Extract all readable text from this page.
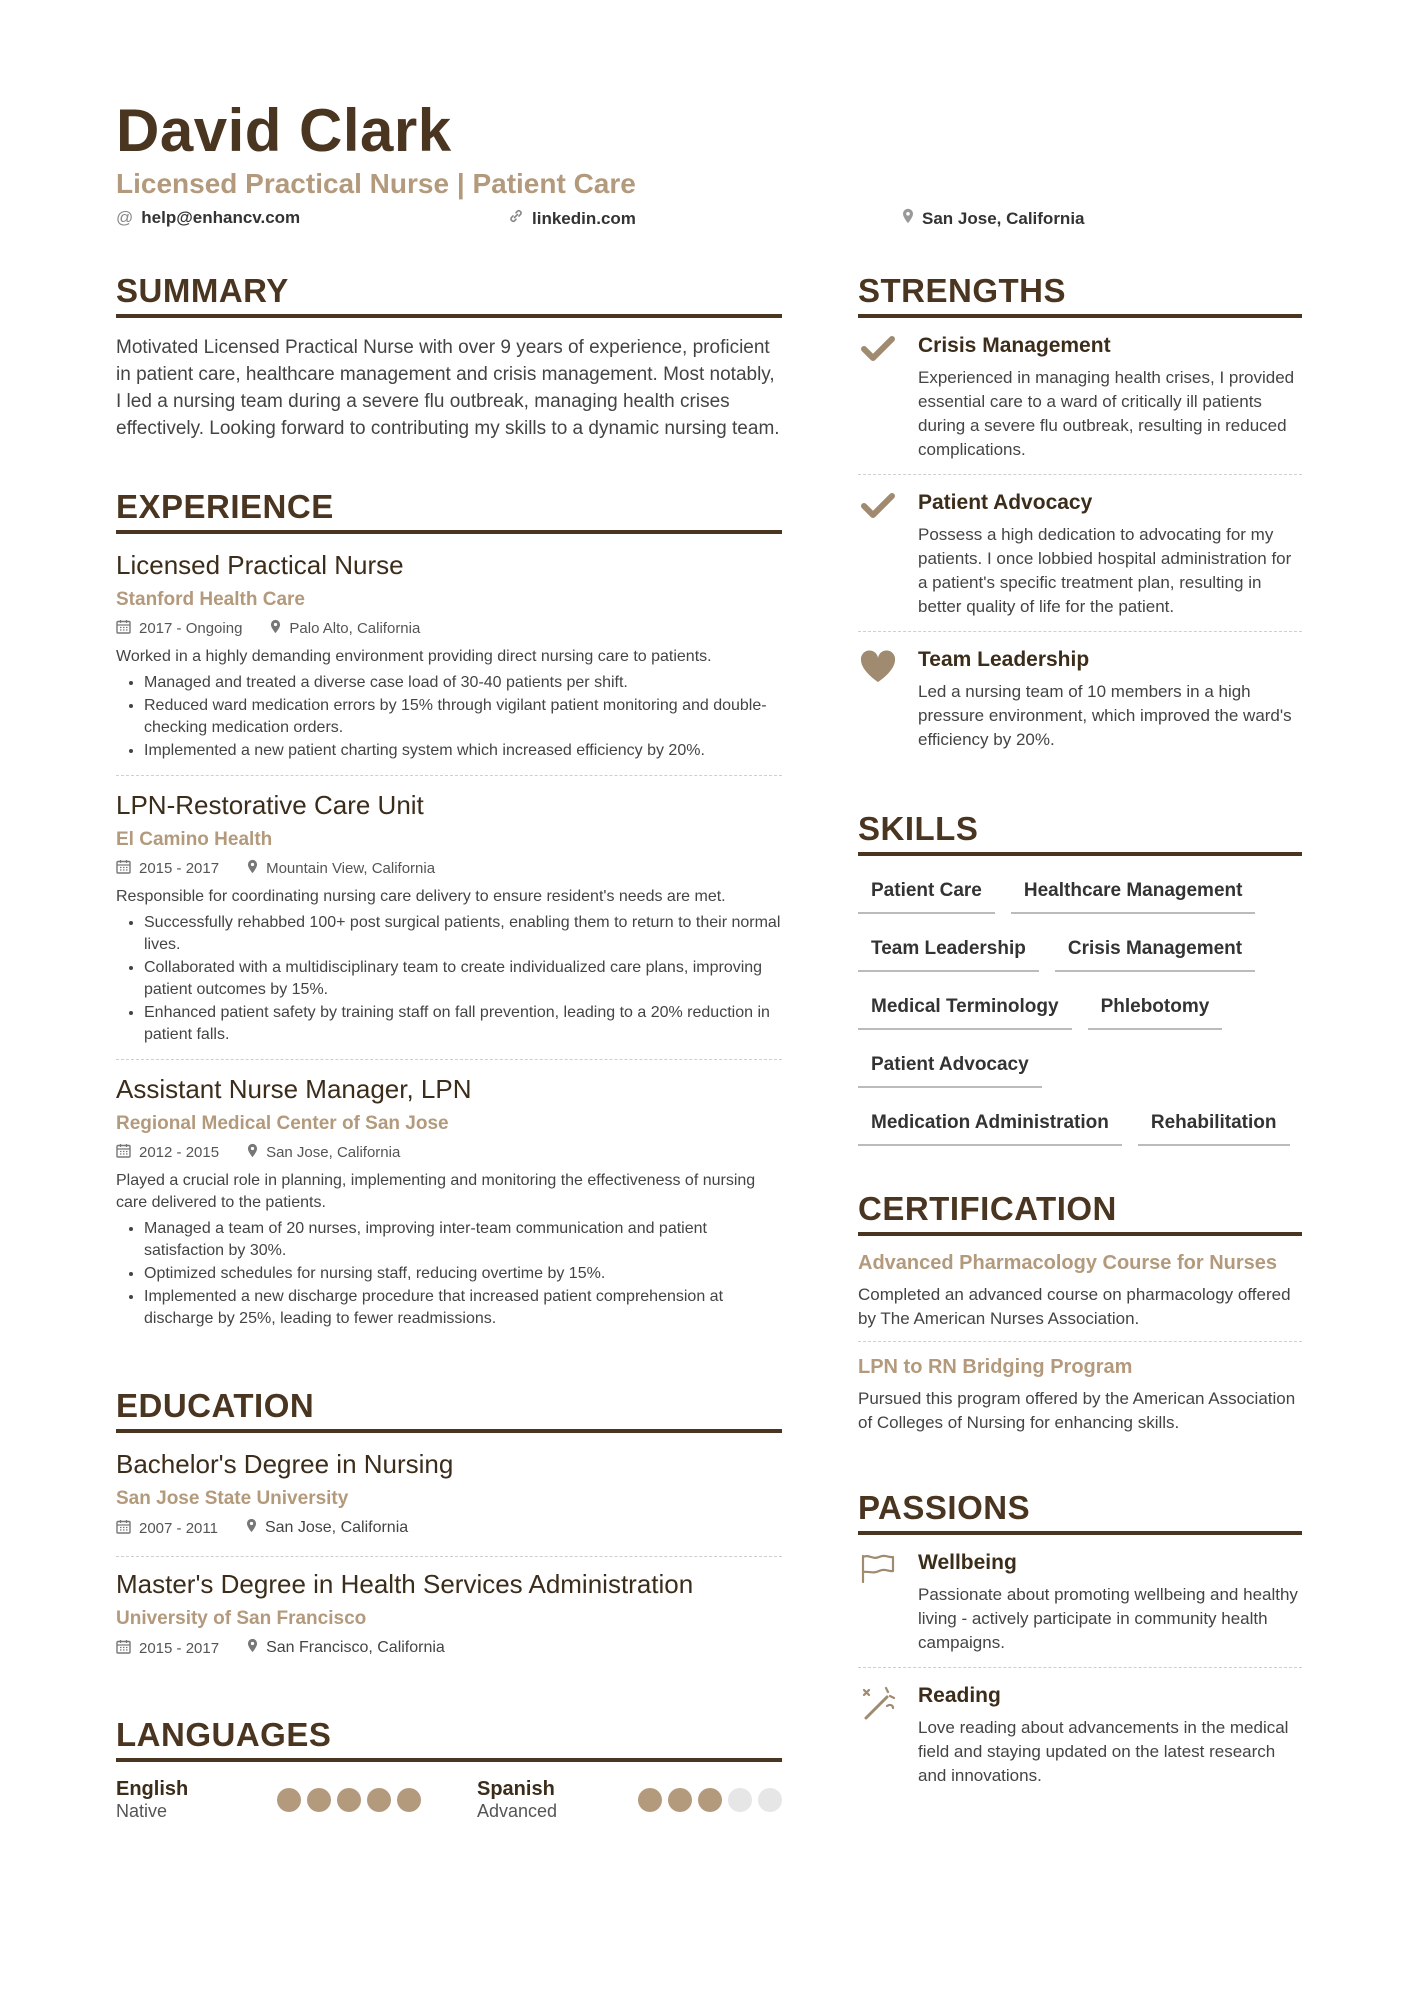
David Clark
Licensed Practical Nurse | Patient Care
@ help@enhancv.com	linkedin.com	San Jose, California
SUMMARY
Motivated Licensed Practical Nurse with over 9 years of experience, proficient in patient care, healthcare management and crisis management. Most notably, I led a nursing team during a severe flu outbreak, managing health crises effectively. Looking forward to contributing my skills to a dynamic nursing team.
EXPERIENCE
Licensed Practical Nurse
Stanford Health Care
2017 - Ongoing	Palo Alto, California
Worked in a highly demanding environment providing direct nursing care to patients.
• Managed and treated a diverse case load of 30-40 patients per shift.
• Reduced ward medication errors by 15% through vigilant patient monitoring and double-checking medication orders.
• Implemented a new patient charting system which increased efficiency by 20%.
LPN-Restorative Care Unit
El Camino Health
2015 - 2017	Mountain View, California
Responsible for coordinating nursing care delivery to ensure resident's needs are met.
• Successfully rehabbed 100+ post surgical patients, enabling them to return to their normal lives.
• Collaborated with a multidisciplinary team to create individualized care plans, improving patient outcomes by 15%.
• Enhanced patient safety by training staff on fall prevention, leading to a 20% reduction in patient falls.
Assistant Nurse Manager, LPN
Regional Medical Center of San Jose
2012 - 2015	San Jose, California
Played a crucial role in planning, implementing and monitoring the effectiveness of nursing care delivered to the patients.
• Managed a team of 20 nurses, improving inter-team communication and patient satisfaction by 30%.
• Optimized schedules for nursing staff, reducing overtime by 15%.
• Implemented a new discharge procedure that increased patient comprehension at discharge by 25%, leading to fewer readmissions.
EDUCATION
Bachelor's Degree in Nursing
San Jose State University
2007 - 2011	San Jose, California
Master's Degree in Health Services Administration
University of San Francisco
2015 - 2017	San Francisco, California
LANGUAGES
English
Native
Spanish
Advanced
STRENGTHS
Crisis Management
Experienced in managing health crises, I provided essential care to a ward of critically ill patients during a severe flu outbreak, resulting in reduced complications.
Patient Advocacy
Possess a high dedication to advocating for my patients. I once lobbied hospital administration for a patient's specific treatment plan, resulting in better quality of life for the patient.
Team Leadership
Led a nursing team of 10 members in a high pressure environment, which improved the ward's efficiency by 20%.
SKILLS
Patient Care	Healthcare Management
Team Leadership	Crisis Management
Medical Terminology	Phlebotomy
Patient Advocacy
Medication Administration	Rehabilitation
CERTIFICATION
Advanced Pharmacology Course for Nurses
Completed an advanced course on pharmacology offered by The American Nurses Association.
LPN to RN Bridging Program
Pursued this program offered by the American Association of Colleges of Nursing for enhancing skills.
PASSIONS
Wellbeing
Passionate about promoting wellbeing and healthy living - actively participate in community health campaigns.
Reading
Love reading about advancements in the medical field and staying updated on the latest research and innovations.
